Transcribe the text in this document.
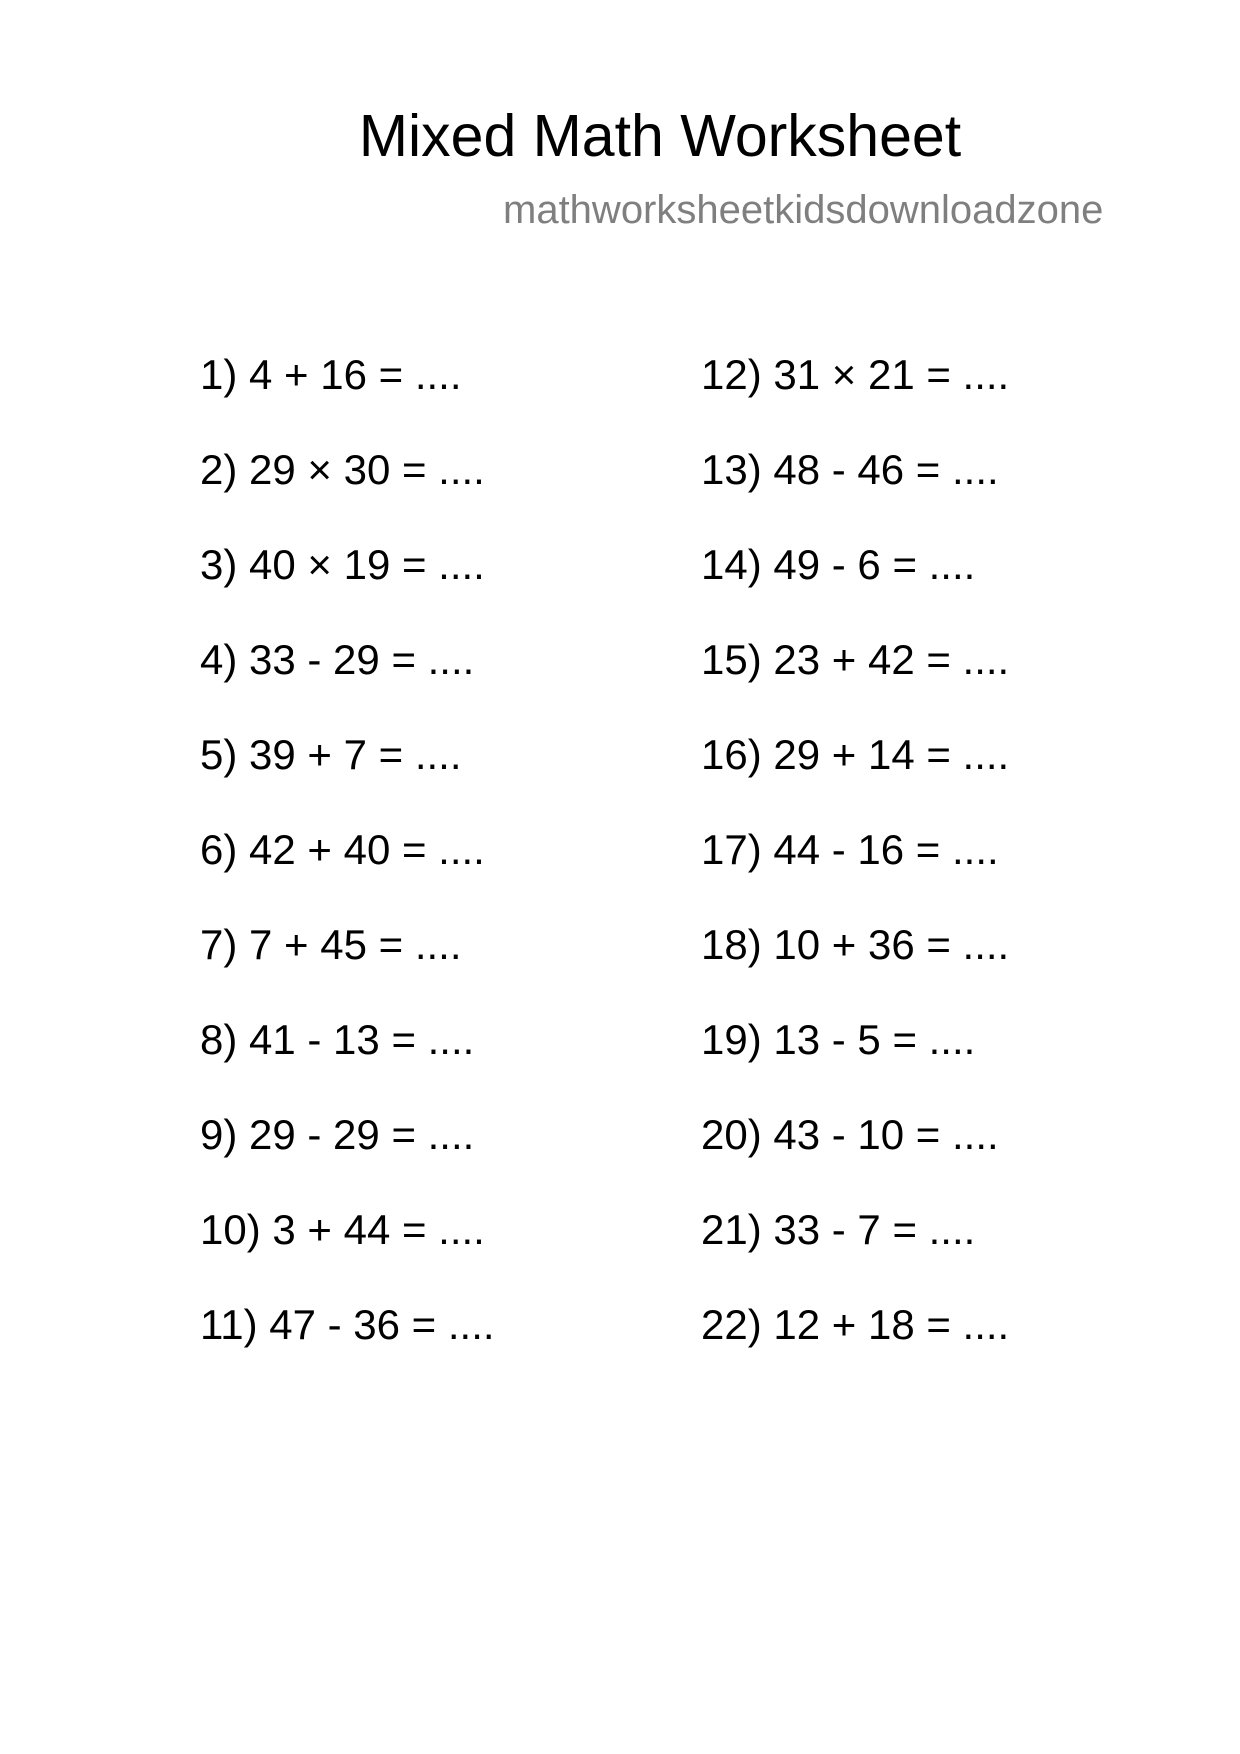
Mixed Math Worksheet
mathworksheetkidsdownloadzone
1) 4 + 16 = ....
2) 29 × 30 = ....
3) 40 × 19 = ....
4) 33 - 29 = ....
5) 39 + 7 = ....
6) 42 + 40 = ....
7) 7 + 45 = ....
8) 41 - 13 = ....
9) 29 - 29 = ....
10) 3 + 44 = ....
11) 47 - 36 = ....
12) 31 × 21 = ....
13) 48 - 46 = ....
14) 49 - 6 = ....
15) 23 + 42 = ....
16) 29 + 14 = ....
17) 44 - 16 = ....
18) 10 + 36 = ....
19) 13 - 5 = ....
20) 43 - 10 = ....
21) 33 - 7 = ....
22) 12 + 18 = ....
